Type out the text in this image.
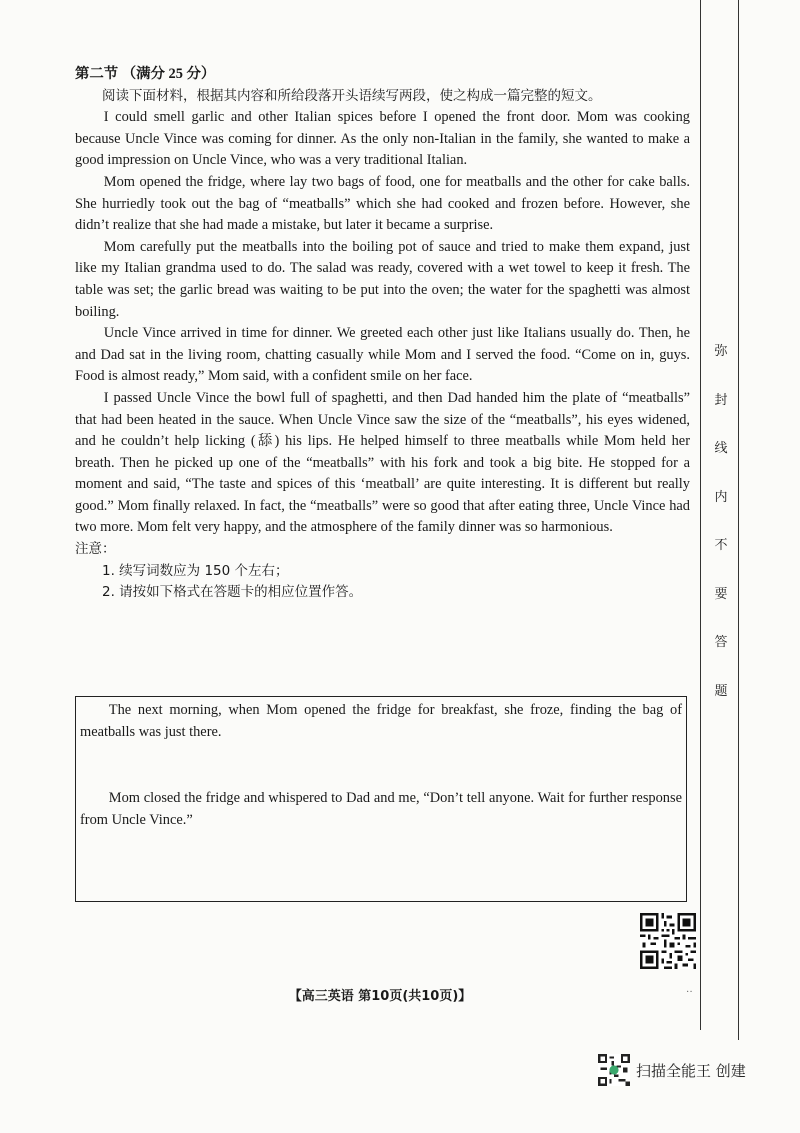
第二节 （满分 25 分）

阅读下面材料，根据其内容和所给段落开头语续写两段，使之构成一篇完整的短文。

I could smell garlic and other Italian spices before I opened the front door. Mom was cooking because Uncle Vince was coming for dinner. As the only non-Italian in the family, she wanted to make a good impression on Uncle Vince, who was a very traditional Italian.

Mom opened the fridge, where lay two bags of food, one for meatballs and the other for cake balls. She hurriedly took out the bag of “meatballs” which she had cooked and frozen before. However, she didn’t realize that she had made a mistake, but later it became a surprise.

Mom carefully put the meatballs into the boiling pot of sauce and tried to make them expand, just like my Italian grandma used to do. The salad was ready, covered with a wet towel to keep it fresh. The table was set; the garlic bread was waiting to be put into the oven; the water for the spaghetti was almost boiling.

Uncle Vince arrived in time for dinner. We greeted each other just like Italians usually do. Then, he and Dad sat in the living room, chatting casually while Mom and I served the food. “Come on in, guys. Food is almost ready,” Mom said, with a confident smile on her face.

I passed Uncle Vince the bowl full of spaghetti, and then Dad handed him the plate of “meatballs” that had been heated in the sauce. When Uncle Vince saw the size of the “meatballs”, his eyes widened, and he couldn’t help licking (舔) his lips. He helped himself to three meatballs while Mom held her breath. Then he picked up one of the “meatballs” with his fork and took a big bite. He stopped for a moment and said, “The taste and spices of this ‘meatball’ are quite interesting. It is different but really good.” Mom finally relaxed. In fact, the “meatballs” were so good that after eating three, Uncle Vince had two more. Mom felt very happy, and the atmosphere of the family dinner was so harmonious.

注意：

1. 续写词数应为 150 个左右；

2. 请按如下格式在答题卡的相应位置作答。

The next morning, when Mom opened the fridge for breakfast, she froze, finding the bag of meatballs was just there.

Mom closed the fridge and whispered to Dad and me, “Don’t tell anyone. Wait for further response from Uncle Vince.”

弥
封
线
内
不
要
答
题
【高三英语 第10页(共10页)】	··
扫描全能王 创建
